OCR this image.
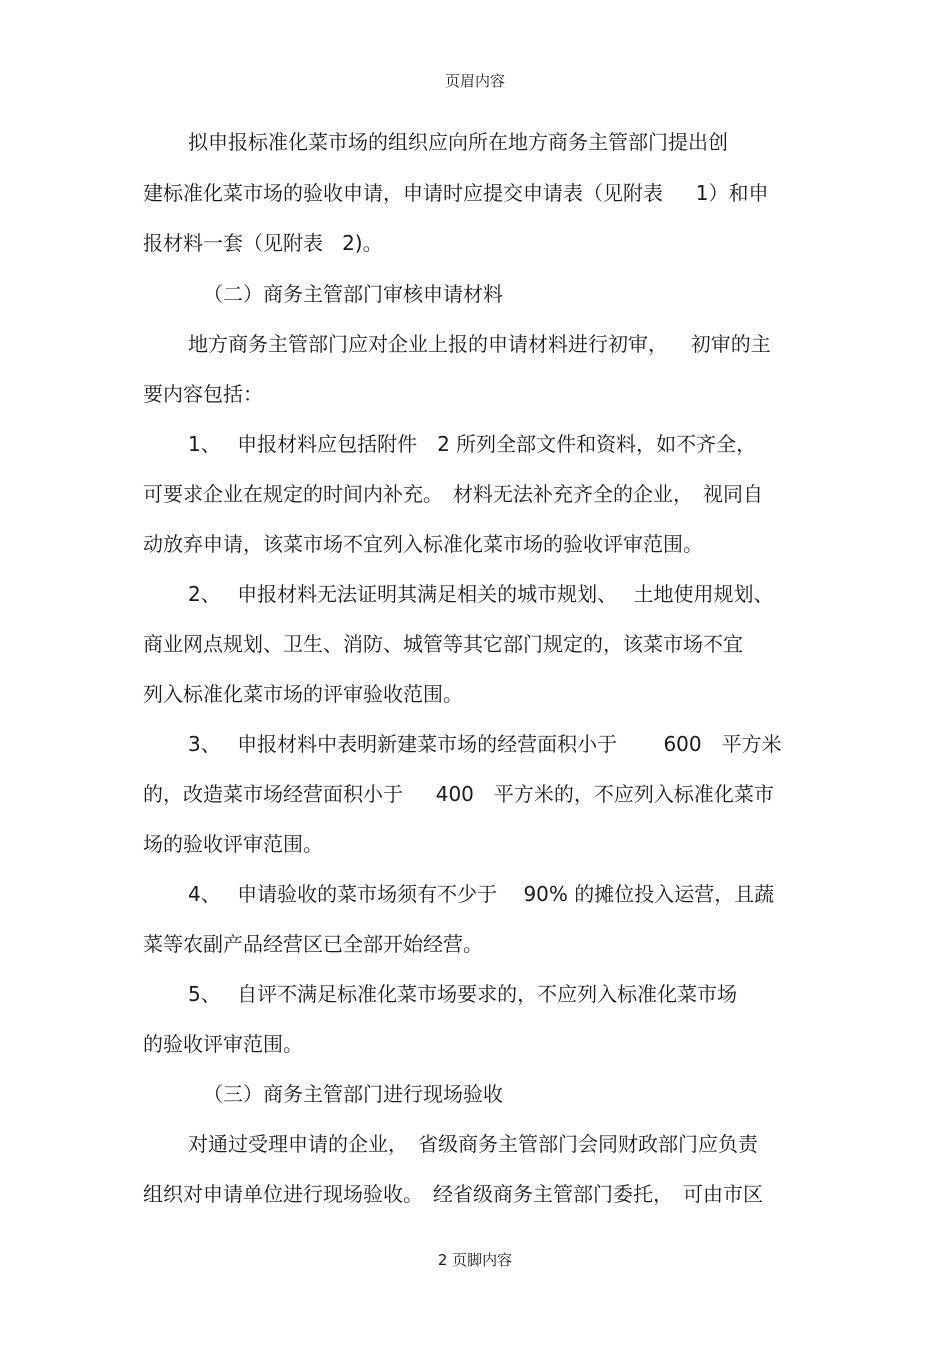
页眉内容
拟申报标准化菜市场的组织应向所在地方商务主管部门提出创
建标准化菜市场的验收申请，申请时应提交申请表（见附表　  1）和申
报材料一套（见附表   2)。
（二）商务主管部门审核申请材料
地方商务主管部门应对企业上报的申请材料进行初审，　  初审的主
要内容包括：
1、　 申报材料应包括附件　2 所列全部文件和资料，如不齐全，
可要求企业在规定的时间内补充。　材料无法补充齐全的企业，　视同自
动放弃申请，该菜市场不宜列入标准化菜市场的验收评审范围。
2、　 申报材料无法证明其满足相关的城市规划、　 土地使用规划、
商业网点规划、卫生、消防、城管等其它部门规定的，该菜市场不宜
列入标准化菜市场的评审验收范围。
3、　 申报材料中表明新建菜市场的经营面积小于　　 600　平方米
的，改造菜市场经营面积小于　  400　平方米的，不应列入标准化菜市
场的验收评审范围。
4、　 申请验收的菜市场须有不少于　 90% 的摊位投入运营，且蔬
菜等农副产品经营区已全部开始经营。
5、　 自评不满足标准化菜市场要求的，不应列入标准化菜市场
的验收评审范围。
（三）商务主管部门进行现场验收
对通过受理申请的企业，　省级商务主管部门会同财政部门应负责
组织对申请单位进行现场验收。　经省级商务主管部门委托，　可由市区
2 页脚内容
